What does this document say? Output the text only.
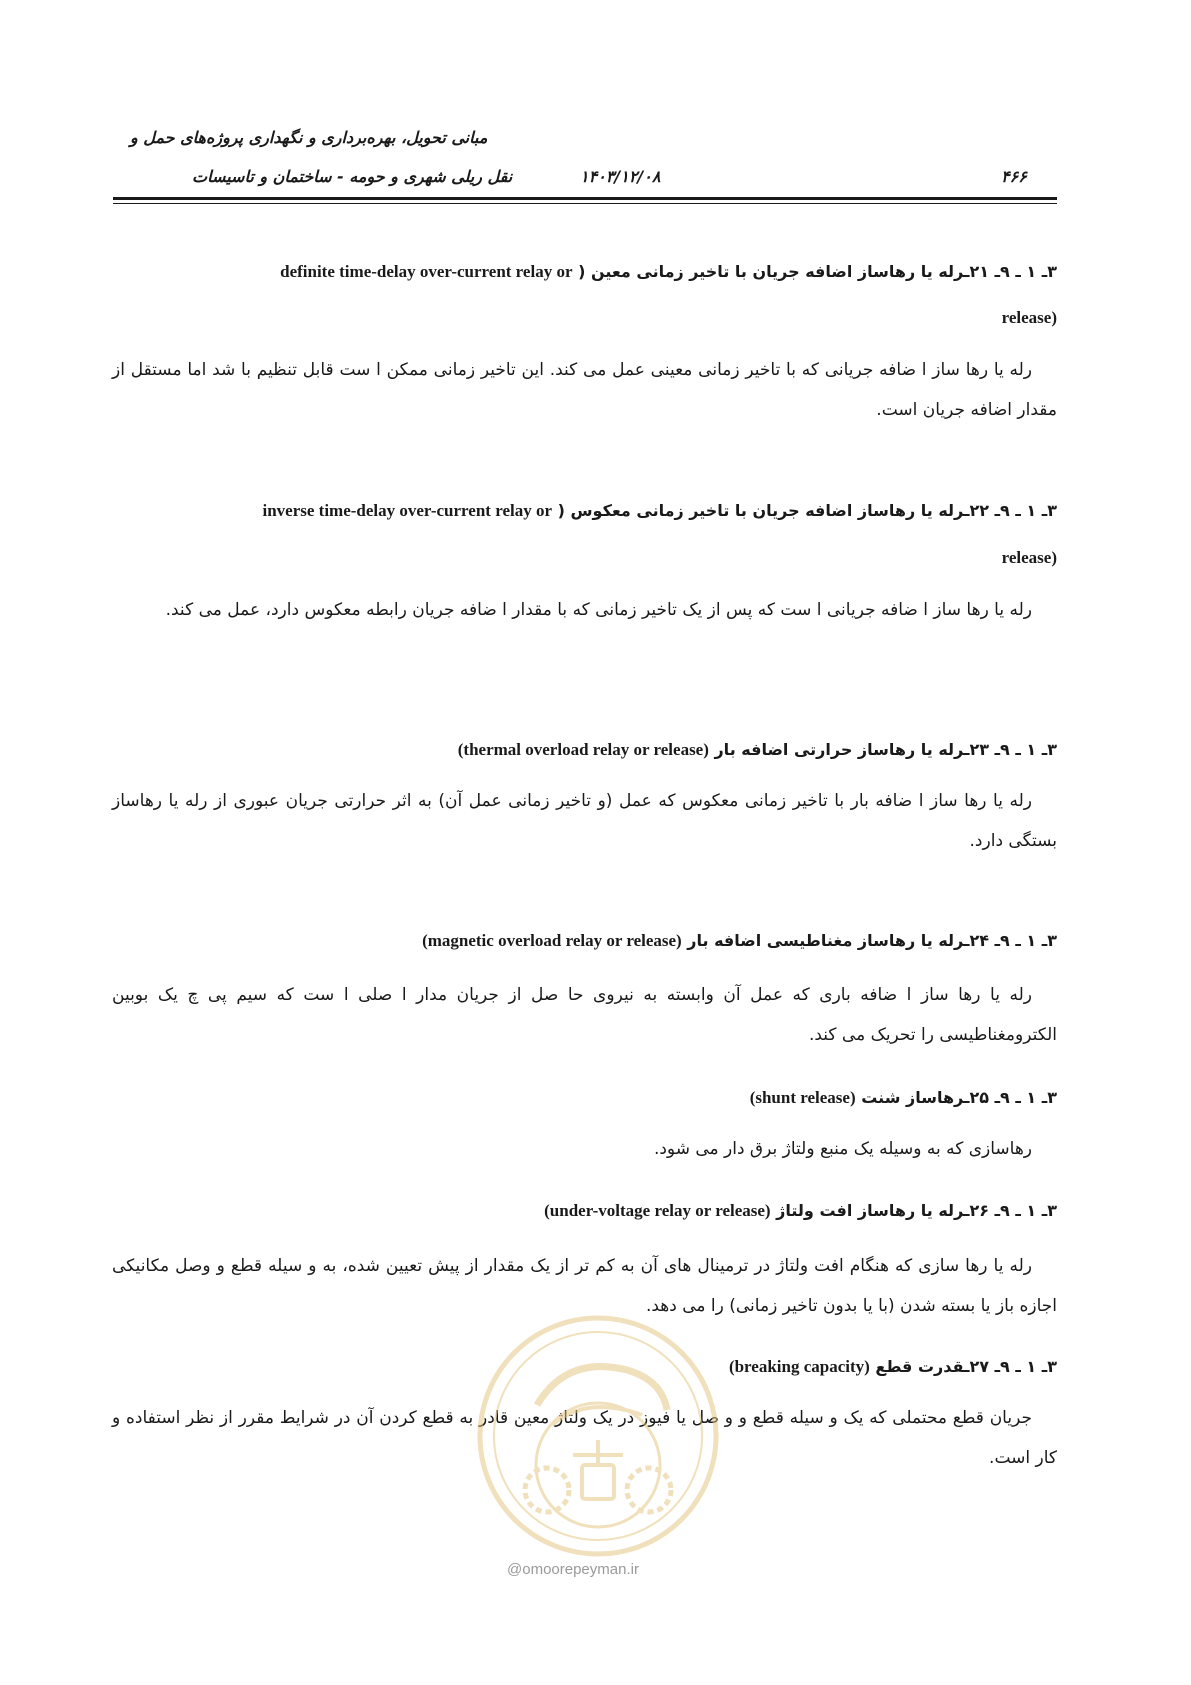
مبانی تحویل، بهره‌برداری و نگهداری پروژه‌های حمل و
نقل ریلی شهری و حومه - ساختمان و تاسیسات	۱۴۰۳/۱۲/۰۸	۴۶۶
۳ـ ۱ ـ ۹ـ ۲۱ـرله یا رهاساز اضافه جریان با تاخیر زمانی معین ( definite time-delay over-current relay or
release)
رله یا رها ساز ا ضافه جریانی که با تاخیر زمانی معینی عمل می کند. این تاخیر زمانی ممکن ا ست قابل تنظیم با شد اما مستقل از مقدار اضافه جریان است.
۳ـ ۱ ـ ۹ـ ۲۲ـرله یا رهاساز اضافه جریان با تاخیر زمانی معکوس ( inverse time-delay over-current relay or
release)
رله یا رها ساز ا ضافه جریانی ا ست که پس از یک تاخیر زمانی که با مقدار ا ضافه جریان رابطه معکوس دارد، عمل می کند.
۳ـ ۱ ـ ۹ـ ۲۳ـرله یا رهاساز حرارتی اضافه بار (thermal overload relay or release)
رله یا رها ساز ا ضافه بار با تاخیر زمانی معکوس که عمل (و تاخیر زمانی عمل آن) به اثر حرارتی جریان عبوری از رله یا رهاساز بستگی دارد.
۳ـ ۱ ـ ۹ـ ۲۴ـرله یا رهاساز مغناطیسی اضافه بار (magnetic overload relay or release)
رله یا رها ساز ا ضافه باری که عمل آن وابسته به نیروی حا صل از جریان مدار ا صلی ا ست که سیم پی چ یک بوبین الکترومغناطیسی را تحریک می کند.
۳ـ ۱ ـ ۹ـ ۲۵ـرهاساز شنت (shunt release)
رهاسازی که به وسیله یک منبع ولتاژ برق دار می شود.
۳ـ ۱ ـ ۹ـ ۲۶ـرله یا رهاساز افت ولتاژ (under-voltage relay or release)
رله یا رها سازی که هنگام افت ولتاژ در ترمینال های آن به کم تر از یک مقدار از پیش تعیین شده، به و سیله قطع و وصل مکانیکی اجازه باز یا بسته شدن (با یا بدون تاخیر زمانی) را می دهد.
۳ـ ۱ ـ ۹ـ ۲۷ـقدرت قطع (breaking capacity)
جریان قطع محتملی که یک و سیله قطع و و صل یا فیوز در یک ولتاژ معین قادر به قطع کردن آن در شرایط مقرر از نظر استفاده و کار است.
@omoorepeyman.ir
